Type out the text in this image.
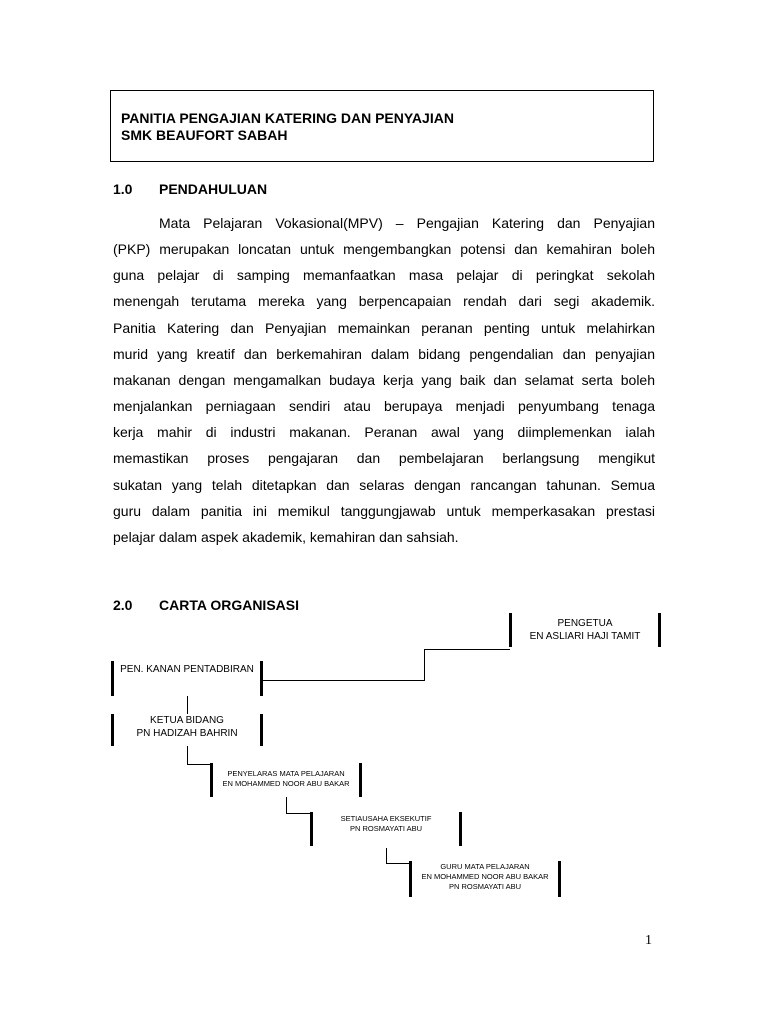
PANITIA PENGAJIAN KATERING DAN PENYAJIAN
SMK BEAUFORT SABAH
1.0 PENDAHULUAN
Mata Pelajaran Vokasional(MPV) – Pengajian Katering dan Penyajian
(PKP) merupakan loncatan untuk mengembangkan potensi dan kemahiran boleh
guna pelajar di samping memanfaatkan masa pelajar di peringkat sekolah
menengah terutama mereka yang berpencapaian rendah dari segi akademik.
Panitia Katering dan Penyajian memainkan peranan penting untuk melahirkan
murid yang kreatif dan berkemahiran dalam bidang pengendalian dan penyajian
makanan dengan mengamalkan budaya kerja yang baik dan selamat serta boleh
menjalankan perniagaan sendiri atau berupaya menjadi penyumbang tenaga
kerja mahir di industri makanan. Peranan awal yang diimplemenkan ialah
memastikan proses pengajaran dan pembelajaran berlangsung mengikut
sukatan yang telah ditetapkan dan selaras dengan rancangan tahunan. Semua
guru dalam panitia ini memikul tanggungjawab untuk memperkasakan prestasi
pelajar dalam aspek akademik, kemahiran dan sahsiah.
2.0 CARTA ORGANISASI
PENGETUA
EN ASLIARI HAJI TAMIT
PEN. KANAN PENTADBIRAN
KETUA BIDANG
PN HADIZAH BAHRIN
PENYELARAS MATA PELAJARAN
EN MOHAMMED NOOR ABU BAKAR
SETIAUSAHA EKSEKUTIF
PN ROSMAYATI ABU
GURU MATA PELAJARAN
EN MOHAMMED NOOR ABU BAKAR
PN ROSMAYATI ABU
1
